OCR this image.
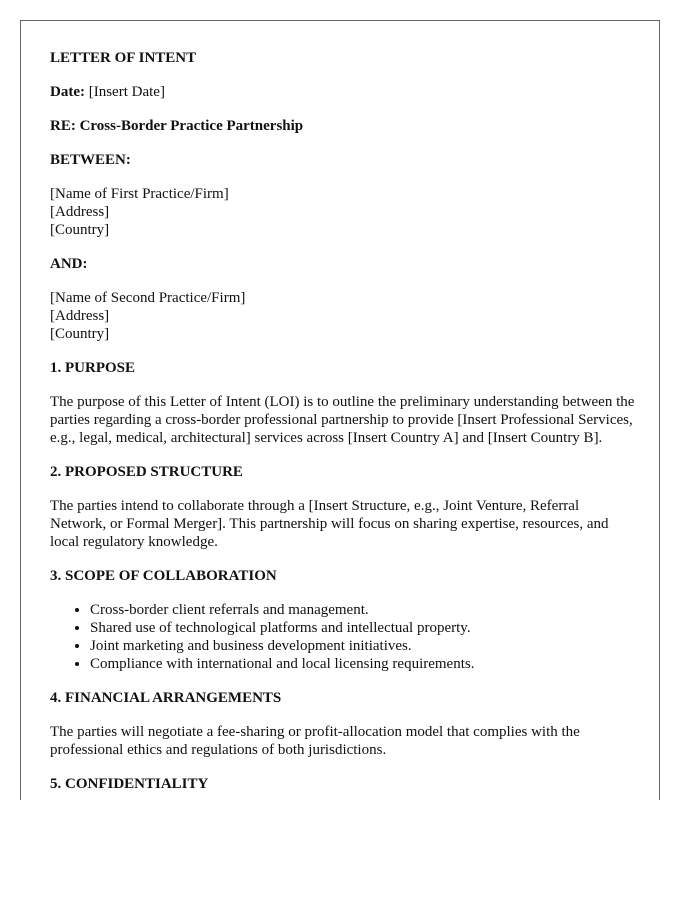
LETTER OF INTENT
Date: [Insert Date]
RE: Cross-Border Practice Partnership
BETWEEN:
[Name of First Practice/Firm]
[Address]
[Country]
AND:
[Name of Second Practice/Firm]
[Address]
[Country]
1. PURPOSE

The purpose of this Letter of Intent (LOI) is to outline the preliminary understanding between the parties regarding a cross-border professional partnership to provide [Insert Professional Services, e.g., legal, medical, architectural] services across [Insert Country A] and [Insert Country B].

2. PROPOSED STRUCTURE

The parties intend to collaborate through a [Insert Structure, e.g., Joint Venture, Referral Network, or Formal Merger]. This partnership will focus on sharing expertise, resources, and local regulatory knowledge.

3. SCOPE OF COLLABORATION
• Cross-border client referrals and management.
• Shared use of technological platforms and intellectual property.
• Joint marketing and business development initiatives.
• Compliance with international and local licensing requirements.
4. FINANCIAL ARRANGEMENTS

The parties will negotiate a fee-sharing or profit-allocation model that complies with the professional ethics and regulations of both jurisdictions.

5. CONFIDENTIALITY
